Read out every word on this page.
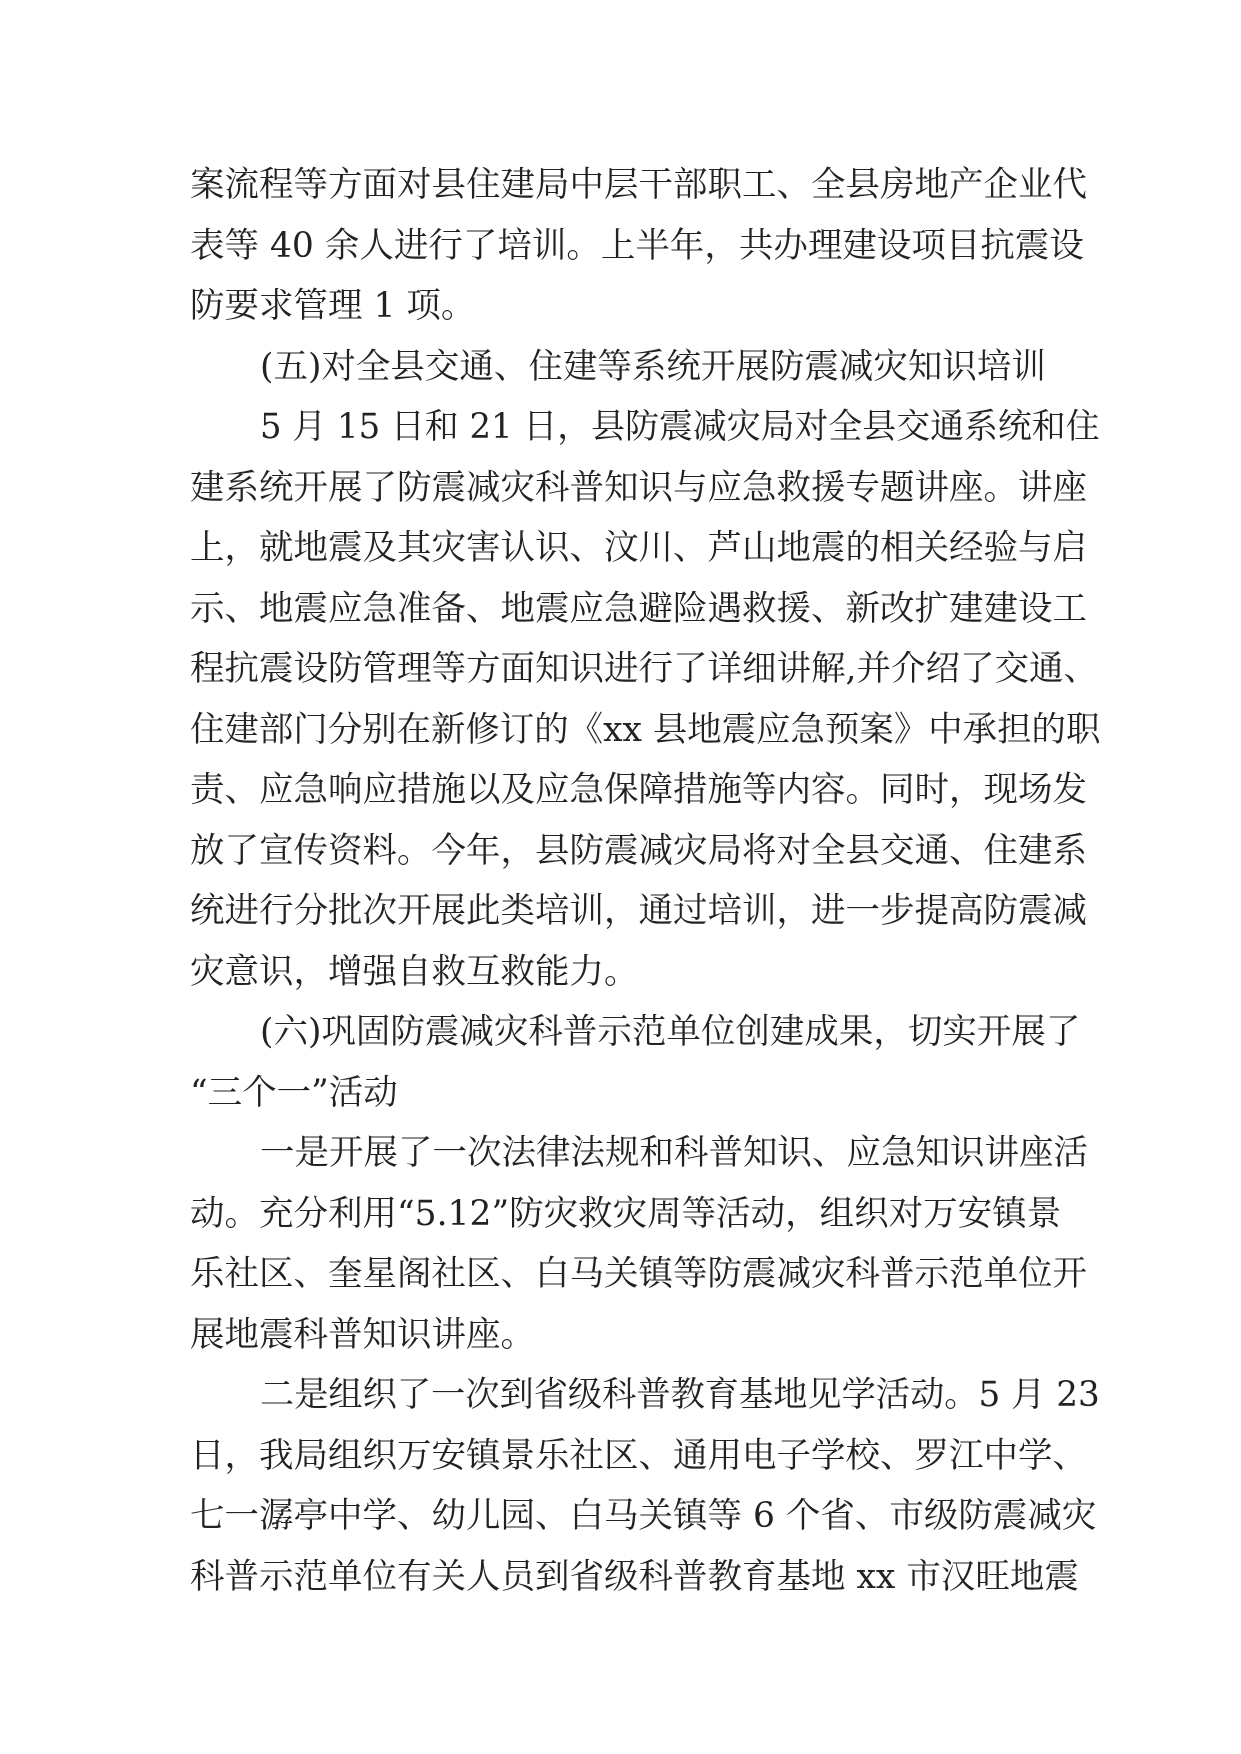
案流程等方面对县住建局中层干部职工、全县房地产企业代
表等 40 余人进行了培训。上半年，共办理建设项目抗震设
防要求管理 1 项。
(五)对全县交通、住建等系统开展防震减灾知识培训
5 月 15 日和 21 日，县防震减灾局对全县交通系统和住
建系统开展了防震减灾科普知识与应急救援专题讲座。讲座
上，就地震及其灾害认识、汶川、芦山地震的相关经验与启
示、地震应急准备、地震应急避险遇救援、新改扩建建设工
程抗震设防管理等方面知识进行了详细讲解,并介绍了交通、
住建部门分别在新修订的《xx 县地震应急预案》中承担的职
责、应急响应措施以及应急保障措施等内容。同时，现场发
放了宣传资料。今年，县防震减灾局将对全县交通、住建系
统进行分批次开展此类培训，通过培训，进一步提高防震减
灾意识，增强自救互救能力。
(六)巩固防震减灾科普示范单位创建成果，切实开展了
“三个一”活动
一是开展了一次法律法规和科普知识、应急知识讲座活
动。充分利用“5.12”防灾救灾周等活动，组织对万安镇景
乐社区、奎星阁社区、白马关镇等防震减灾科普示范单位开
展地震科普知识讲座。
二是组织了一次到省级科普教育基地见学活动。5 月 23
日，我局组织万安镇景乐社区、通用电子学校、罗江中学、
七一潺亭中学、幼儿园、白马关镇等 6 个省、市级防震减灾
科普示范单位有关人员到省级科普教育基地 xx 市汉旺地震
